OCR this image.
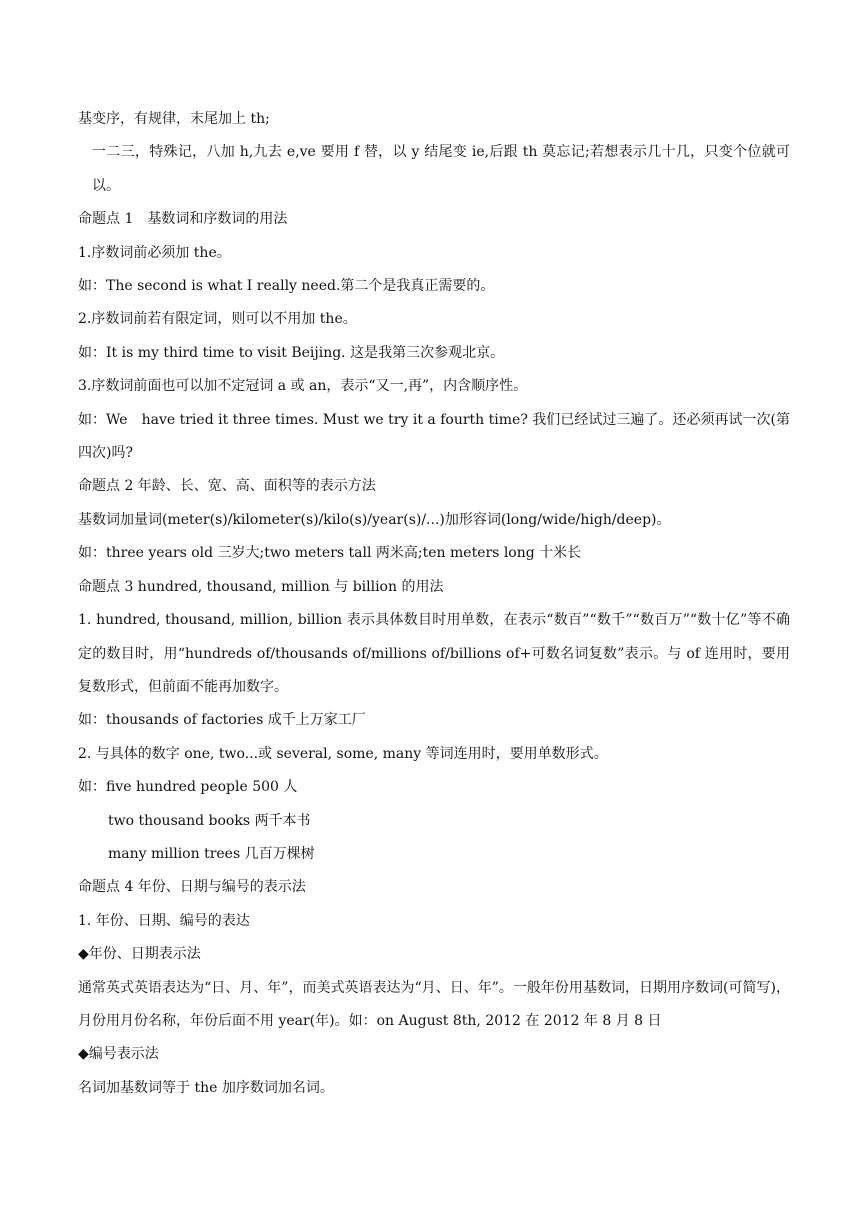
基变序，有规律，末尾加上 th;

一二三，特殊记，八加 h,九去 e,ve 要用 f 替，以 y 结尾变 ie,后跟 th 莫忘记;若想表示几十几，只变个位就可以。

命题点 1　基数词和序数词的用法

1.序数词前必须加 the。

如：The second is what I really need.第二个是我真正需要的。

2.序数词前若有限定词，则可以不用加 the。

如：It is my third time to visit Beijing. 这是我第三次参观北京。

3.序数词前面也可以加不定冠词 a 或 an，表示“又一,再”，内含顺序性。

如：We　have tried it three times. Must we try it a fourth time? 我们已经试过三遍了。还必须再试一次(第四次)吗?

命题点 2 年龄、长、宽、高、面积等的表示方法

基数词加量词(meter(s)/kilometer(s)/kilo(s)/year(s)/...)加形容词(long/wide/high/deep)。

如：three years old 三岁大;two meters tall 两米高;ten meters long 十米长

命题点 3 hundred, thousand, million 与 billion 的用法

1. hundred, thousand, million, billion 表示具体数目时用单数，在表示“数百”“数千”“数百万”“数十亿”等不确定的数目时，用“hundreds of/thousands of/millions of/billions of+可数名词复数”表示。与 of 连用时，要用复数形式，但前面不能再加数字。

如：thousands of factories 成千上万家工厂

2. 与具体的数字 one, two...或 several, some, many 等词连用时，要用单数形式。

如：five hundred people 500 人

two thousand books 两千本书

many million trees 几百万棵树

命题点 4 年份、日期与编号的表示法

1. 年份、日期、编号的表达

◆年份、日期表示法

通常英式英语表达为“日、月、年”，而美式英语表达为“月、日、年”。一般年份用基数词，日期用序数词(可简写)，月份用月份名称，年份后面不用 year(年)。如：on August 8th, 2012 在 2012 年 8 月 8 日

◆编号表示法

名词加基数词等于 the 加序数词加名词。
